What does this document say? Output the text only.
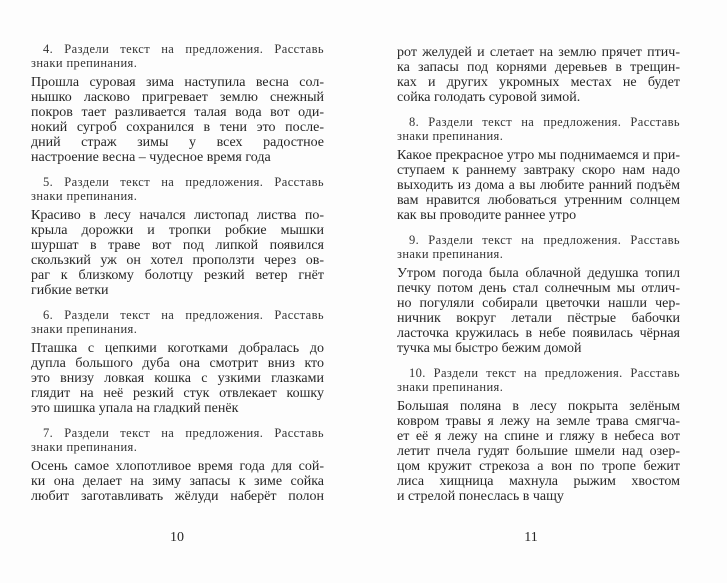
4. Раздели текст на предложения. Расставь
знаки препинания.
Прошла суровая зима наступила весна сол-
нышко ласково пригревает землю снежный
покров тает разливается талая вода вот оди-
нокий сугроб сохранился в тени это после-
дний страж зимы у всех радостное
настроение весна – чудесное время года
5. Раздели текст на предложения. Расставь
знаки препинания.
Красиво в лесу начался листопад листва по-
крыла дорожки и тропки робкие мышки
шуршат в траве вот под липкой появился
скользкий уж он хотел проползти через ов-
раг к близкому болотцу резкий ветер гнёт
гибкие ветки
6. Раздели текст на предложения. Расставь
знаки препинания.
Пташка с цепкими коготками добралась до
дупла большого дуба она смотрит вниз кто
это внизу ловкая кошка с узкими глазками
глядит на неё резкий стук отвлекает кошку
это шишка упала на гладкий пенёк
7. Раздели текст на предложения. Расставь
знаки препинания.
Осень самое хлопотливое время года для сой-
ки она делает на зиму запасы к зиме сойка
любит заготавливать жёлуди наберёт полон
10
рот желудей и слетает на землю прячет птич-
ка запасы под корнями деревьев в трещин-
ках и других укромных местах не будет
сойка голодать суровой зимой.
8. Раздели текст на предложения. Расставь
знаки препинания.
Какое прекрасное утро мы поднимаемся и при-
ступаем к раннему завтраку скоро нам надо
выходить из дома а вы любите ранний подъём
вам нравится любоваться утренним солнцем
как вы проводите раннее утро
9. Раздели текст на предложения. Расставь
знаки препинания.
Утром погода была облачной дедушка топил
печку потом день стал солнечным мы отлич-
но погуляли собирали цветочки нашли чер-
ничник вокруг летали пёстрые бабочки
ласточка кружилась в небе появилась чёрная
тучка мы быстро бежим домой
10. Раздели текст на предложения. Расставь
знаки препинания.
Большая поляна в лесу покрыта зелёным
ковром травы я лежу на земле трава смягча-
ет её я лежу на спине и гляжу в небеса вот
летит пчела гудят большие шмели над озер-
цом кружит стрекоза а вон по тропе бежит
лиса хищница махнула рыжим хвостом
и стрелой понеслась в чащу
11
